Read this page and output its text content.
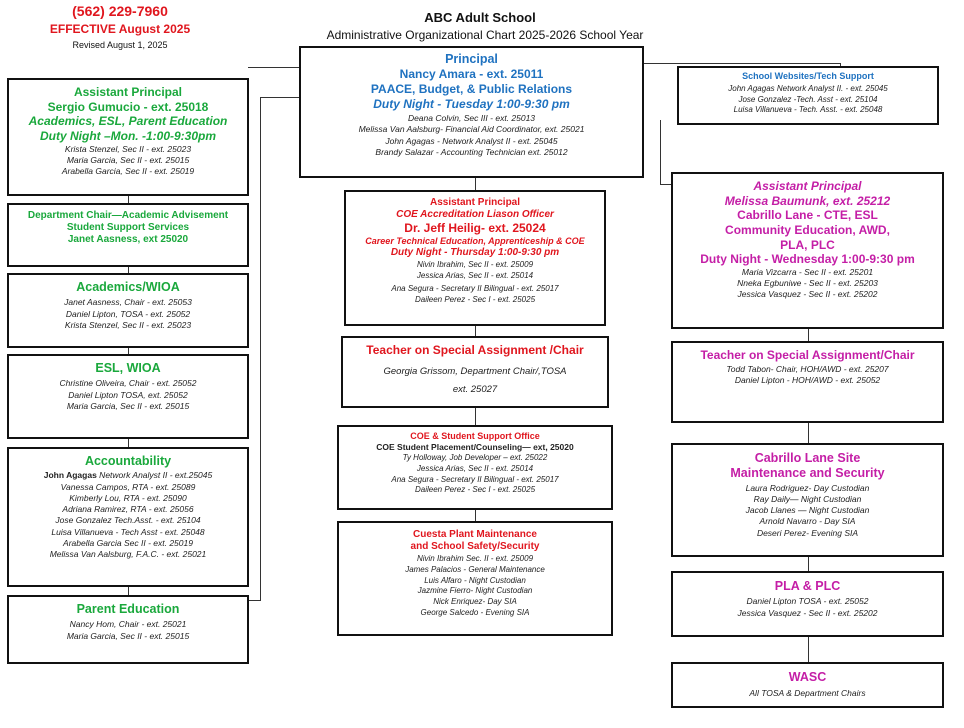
(562) 229-7960
EFFECTIVE August 2025
Revised August 1, 2025
ABC Adult School
Administrative Organizational Chart 2025-2026 School Year
Principal
Nancy Amara - ext. 25011
PAACE, Budget, & Public Relations
Duty Night - Tuesday 1:00-9:30 pm
Deana Colvin, Sec III - ext. 25013
Melissa Van Aalsburg- Financial Aid Coordinator, ext. 25021
John Agagas - Network Analyst II - ext. 25045
Brandy Salazar - Accounting Technician ext. 25012
School Websites/Tech Support
John Agagas Network Analyst II. - ext. 25045
Jose Gonzalez -Tech. Asst - ext. 25104
Luisa Villanueva - Tech. Asst. - ext. 25048
Assistant Principal
Sergio Gumucio - ext. 25018
Academics, ESL, Parent Education
Duty Night –Mon. -1:00-9:30pm
Krista Stenzel, Sec II - ext. 25023
Maria Garcia, Sec II - ext. 25015
Arabella Garcia, Sec II - ext. 25019
Department Chair—Academic Advisement
Student Support Services
Janet Aasness, ext 25020
Academics/WIOA
Janet Aasness, Chair - ext. 25053
Daniel Lipton, TOSA - ext. 25052
Krista Stenzel, Sec II - ext. 25023
ESL, WIOA
Christine Oliveira, Chair - ext. 25052
Daniel Lipton TOSA, ext. 25052
Maria Garcia, Sec II - ext. 25015
Accountability
John Agagas Network Analyst II - ext.25045
Vanessa Campos, RTA - ext. 25089
Kimberly Lou, RTA - ext. 25090
Adriana Ramirez, RTA - ext. 25056
Jose Gonzalez Tech.Asst. - ext. 25104
Luisa Villanueva - Tech Asst - ext. 25048
Arabella Garcia Sec II - ext. 25019
Melissa Van Aalsburg, F.A.C. - ext. 25021
Parent Education
Nancy Hom, Chair - ext. 25021
Maria Garcia, Sec II - ext. 25015
Assistant Principal
COE Accreditation Liason Officer
Dr. Jeff Heilig- ext. 25024
Career Technical Education, Apprenticeship & COE
Duty Night - Thursday 1:00-9:30 pm
Nivin Ibrahim, Sec II - ext. 25009
Jessica Arias, Sec II - ext. 25014
Ana Segura - Secretary II Bilingual - ext. 25017
Daileen Perez - Sec I - ext. 25025
Teacher on Special Assignment /Chair
Georgia Grissom, Department Chair/,TOSA
ext. 25027
COE & Student Support Office
COE Student Placement/Counseling— ext, 25020
Ty Holloway, Job Developer – ext. 25022
Jessica Arias, Sec II - ext. 25014
Ana Segura - Secretary II Bilingual - ext. 25017
Daileen Perez - Sec I - ext. 25025
Cuesta Plant Maintenance
and School Safety/Security
Nivin Ibrahim Sec. II - ext. 25009
James Palacios - General Maintenance
Luis Alfaro - Night Custodian
Jazmine Fierro- Night Custodian
Nick Enriquez- Day SIA
George Salcedo - Evening SIA
Assistant Principal
Melissa Baumunk, ext. 25212
Cabrillo Lane - CTE, ESL
Community Education, AWD,
PLA, PLC
Duty Night - Wednesday 1:00-9:30 pm
Maria Vizcarra - Sec II - ext. 25201
Nneka Egbuniwe - Sec II - ext. 25203
Jessica Vasquez - Sec II - ext. 25202
Teacher on Special Assignment/Chair
Todd Tabon- Chair, HOH/AWD - ext. 25207
Daniel Lipton - HOH/AWD - ext. 25052
Cabrillo Lane Site
Maintenance and Security
Laura Rodriguez- Day Custodian
Ray Daily— Night Custodian
Jacob Llanes — Night Custodian
Arnold Navarro - Day SIA
Deseri Perez- Evening SIA
PLA & PLC
Daniel Lipton TOSA - ext. 25052
Jessica Vasquez - Sec II - ext. 25202
WASC
All TOSA & Department Chairs
